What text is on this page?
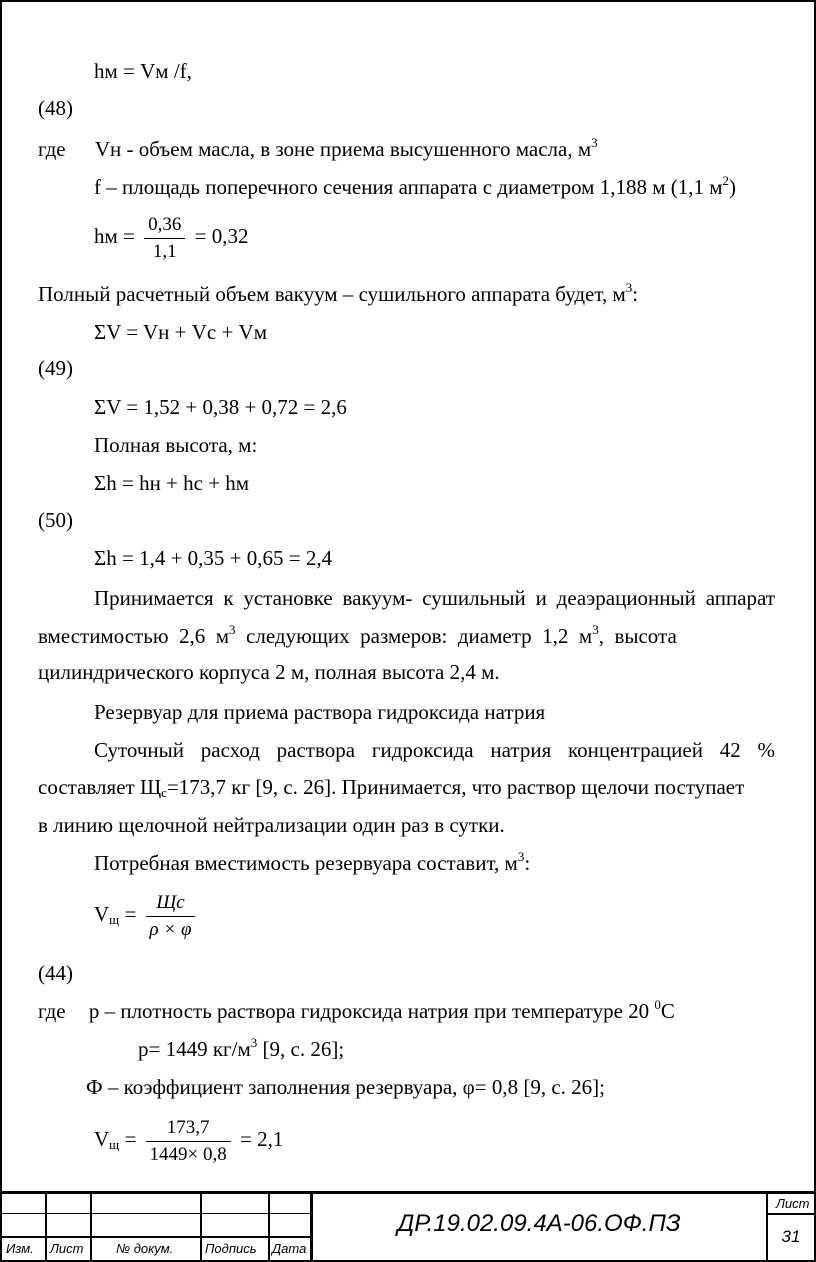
hм = Vм /f,
(48)
где Vн - объем масла, в зоне приема высушенного масла, $м^3$
f – площадь поперечного сечения аппарата с диаметром 1,188 м (1,1 $м^2$)
hм = $\frac{0,36}{1,1} = 0,32$
Полный расчетный объем вакуум – сушильного аппарата будет, $м^3$:
ΣV = Vн + Vс + Vм
(49)
ΣV = 1,52 + 0,38 + 0,72 = 2,6
Полная высота, м:
Σh = hн + hс + hм
(50)
Σh = 1,4 + 0,35 + 0,65 = 2,4
Принимается к установке вакуум- сушильный и деаэрационный аппарат
вместимостью  2,6  $м^3$  следующих  размеров:  диаметр  1,2  $м^3$,  высота
цилиндрического корпуса 2 м, полная высота 2,4 м.
Резервуар для приема раствора гидроксида натрия
Суточный расход раствора гидроксида натрия концентрацией 42 %
составляет $Щ_с=173,7$ кг [9, с. 26]. Принимается, что раствор щелочи поступает
в линию щелочной нейтрализации один раз в сутки.
Потребная вместимость резервуара составит, $м^3$:
$V_щ = \frac{Щс}{\rho \times \varphi}$
(44)
где р – плотность раствора гидроксида натрия при температуре 20 $^0$С
р= 1449 $кг/м^3$ [9, с. 26];
Ф – коэффициент заполнения резервуара, φ= 0,8 [9, с. 26];
$V_щ = \frac{173,7}{1449\times 0,8} = 2,1$
Изм. Лист	№ докум. Подпись Дата
ДР.19.02.09.4А-06.ОФ.ПЗ
Лист
31
